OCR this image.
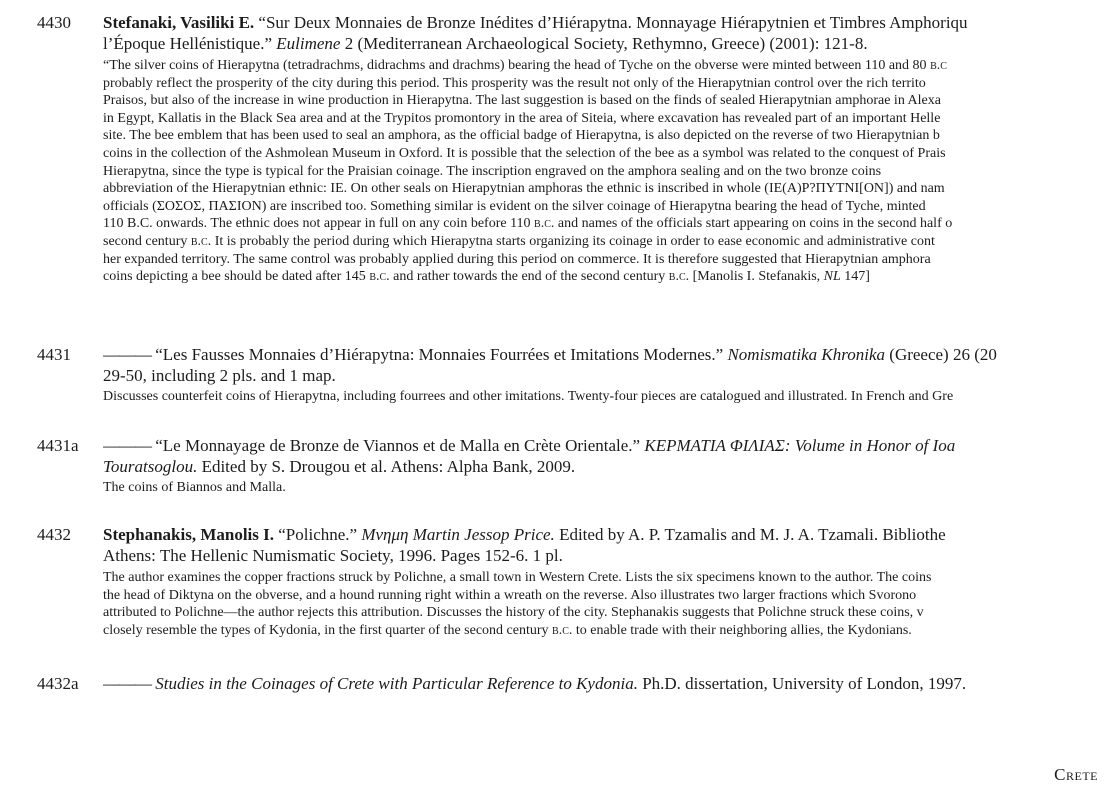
4430 Stefanaki, Vasiliki E. “Sur Deux Monnaies de Bronze Inédites d’Hiérapytna. Monnayage Hiérapytnien et Timbres Amphoriqu
l’Époque Hellénistique.” Eulimene 2 (Mediterranean Archaeological Society, Rethymno, Greece) (2001): 121-8.
“The silver coins of Hierapytna (tetradrachms, didrachms and drachms) bearing the head of Tyche on the obverse were minted between 110 and 80 b.c
probably reflect the prosperity of the city during this period. This prosperity was the result not only of the Hierapytnian control over the rich territo
Praisos, but also of the increase in wine production in Hierapytna. The last suggestion is based on the finds of sealed Hierapytnian amphorae in Alexa
in Egypt, Kallatis in the Black Sea area and at the Trypitos promontory in the area of Siteia, where excavation has revealed part of an important Helle
site. The bee emblem that has been used to seal an amphora, as the official badge of Hierapytna, is also depicted on the reverse of two Hierapytnian b
coins in the collection of the Ashmolean Museum in Oxford. It is possible that the selection of the bee as a symbol was related to the conquest of Prais
Hierapytna, since the type is typical for the Praisian coinage. The inscription engraved on the amphora sealing and on the two bronze coins
abbreviation of the Hierapytnian ethnic: IE. On other seals on Hierapytnian amphoras the ethnic is inscribed in whole (IE(A)P?ΠΥΤΝΙ[ΟΝ]) and nam
officials (ΣΟΣΟΣ, ΠΑΣΙΟΝ) are inscribed too. Something similar is evident on the silver coinage of Hierapytna bearing the head of Tyche, minted
110 B.C. onwards. The ethnic does not appear in full on any coin before 110 b.c. and names of the officials start appearing on coins in the second half o
second century b.c. It is probably the period during which Hierapytna starts organizing its coinage in order to ease economic and administrative cont
her expanded territory. The same control was probably applied during this period on commerce. It is therefore suggested that Hierapytnian amphora
coins depicting a bee should be dated after 145 b.c. and rather towards the end of the second century b.c. [Manolis I. Stefanakis, NL 147]
4431 ——— “Les Fausses Monnaies d’Hiérapytna: Monnaies Fourrées et Imitations Modernes.” Nomismatika Khronika (Greece) 26 (20
29-50, including 2 pls. and 1 map.
Discusses counterfeit coins of Hierapytna, including fourrees and other imitations. Twenty-four pieces are catalogued and illustrated. In French and Gre
4431a ——— “Le Monnayage de Bronze de Viannos et de Malla en Crète Orientale.” ΚΕΡΜΑΤΙΑ ΦΙΛΙΑΣ: Volume in Honor of Ioa
Touratsoglou. Edited by S. Drougou et al. Athens: Alpha Bank, 2009.
The coins of Biannos and Malla.
4432 Stephanakis, Manolis I. “Polichne.” Μνημη Martin Jessop Price. Edited by A. P. Tzamalis and M. J. A. Tzamali. Bibliothe
Athens: The Hellenic Numismatic Society, 1996. Pages 152-6. 1 pl.
The author examines the copper fractions struck by Polichne, a small town in Western Crete. Lists the six specimens known to the author. The coins
the head of Diktyna on the obverse, and a hound running right within a wreath on the reverse. Also illustrates two larger fractions which Svorono
attributed to Polichne—the author rejects this attribution. Discusses the history of the city. Stephanakis suggests that Polichne struck these coins, v
closely resemble the types of Kydonia, in the first quarter of the second century b.c. to enable trade with their neighboring allies, the Kydonians.
4432a ——— Studies in the Coinages of Crete with Particular Reference to Kydonia. Ph.D. dissertation, University of London, 1997.
Crete
